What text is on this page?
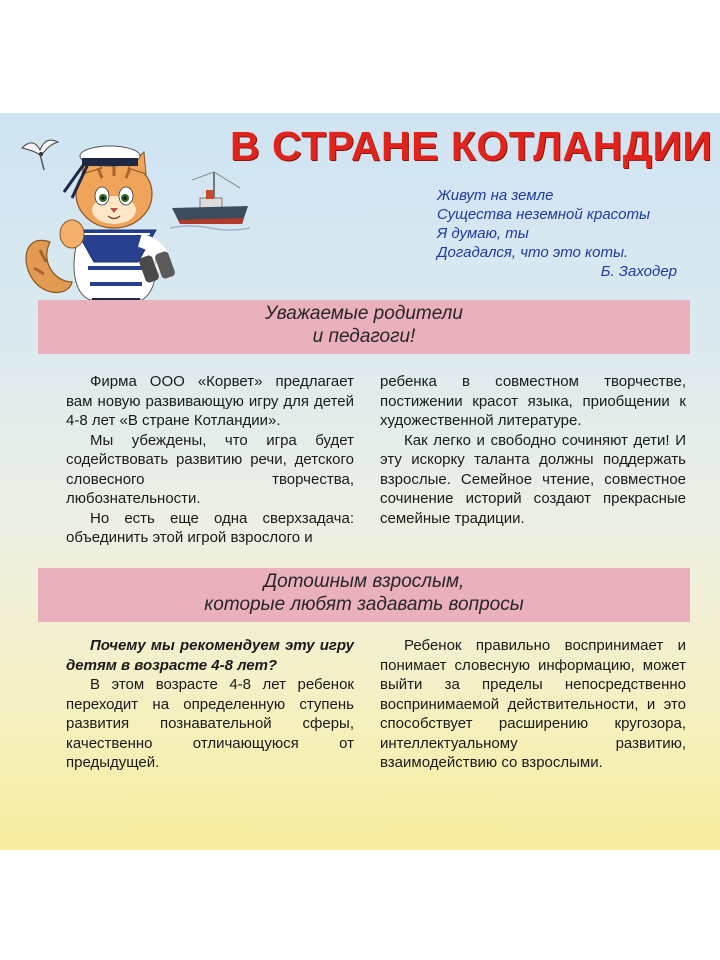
В СТРАНЕ КОТЛАНДИИ
Живут на земле
Существа неземной красоты
Я думаю, ты
Догадался, что это коты.
Б. Заходер
Уважаемые родители
и педагоги!

Фирма ООО «Корвет» предлагает вам новую развивающую игру для детей 4-8 лет «В стране Котландии».

Мы убеждены, что игра будет содействовать развитию речи, детского словесного творчества, любознательности.

Но есть еще одна сверхзадача: объединить этой игрой взрослого и

ребенка в совместном творчестве, постижении красот языка, приобщении к художественной литературе.

Как легко и свободно сочиняют дети! И эту искорку таланта должны поддержать взрослые. Семейное чтение, совместное сочинение историй создают прекрасные семейные традиции.

Дотошным взрослым,
которые любят задавать вопросы

Почему мы рекомендуем эту игру детям в возрасте 4-8 лет?

В этом возрасте 4-8 лет ребенок переходит на определенную ступень развития познавательной сферы, качественно отличающуюся от предыдущей.

Ребенок правильно воспринимает и понимает словесную информацию, может выйти за пределы непосредственно воспринимаемой действительности, и это способствует расширению кругозора, интеллектуальному развитию, взаимодействию со взрослыми.
